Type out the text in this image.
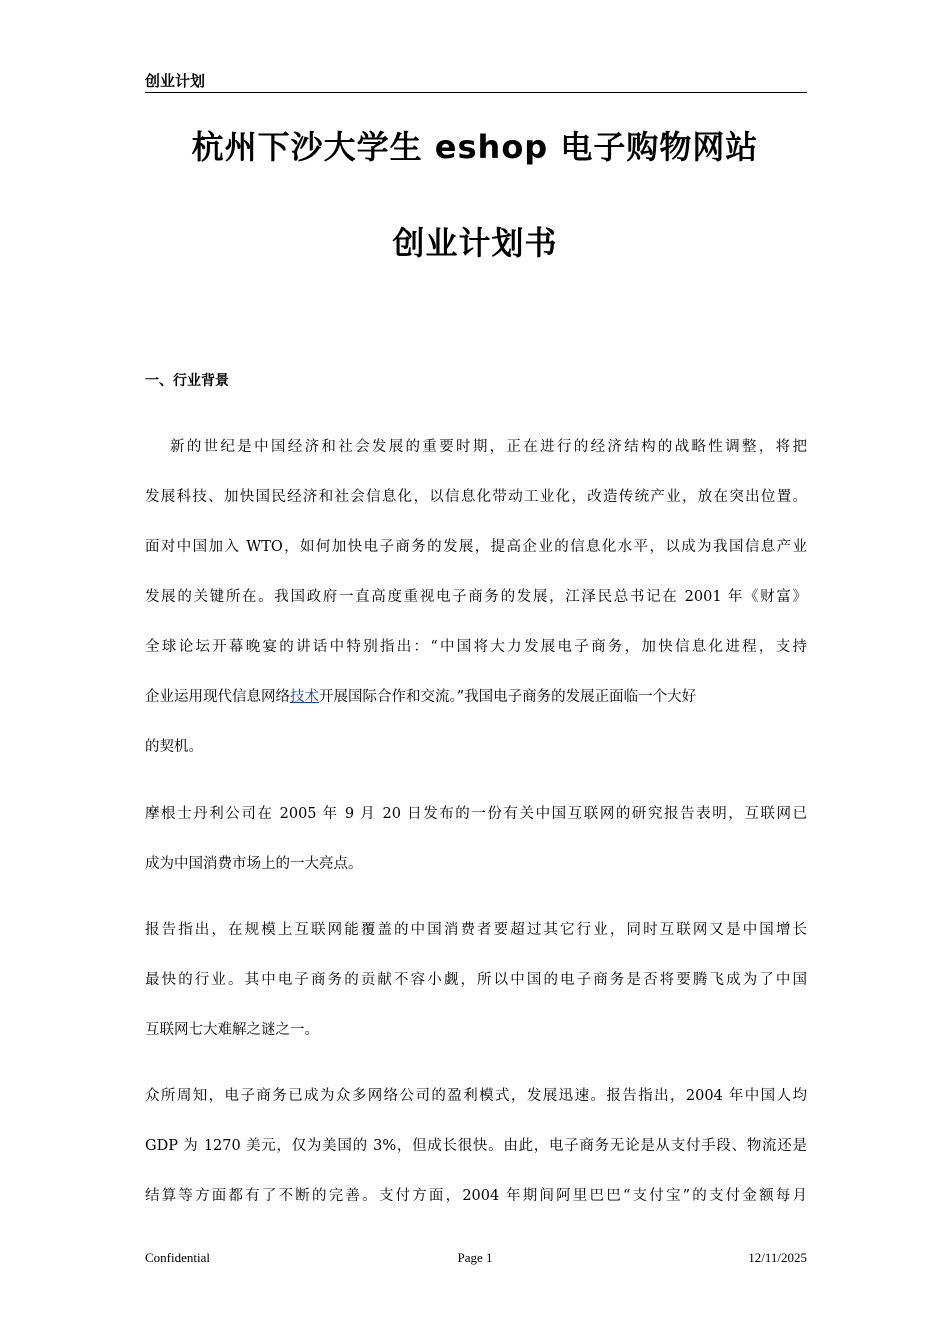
创业计划
杭州下沙大学生 eshop 电子购物网站
创业计划书
一、行业背景
新的世纪是中国经济和社会发展的重要时期，正在进行的经济结构的战略性调整，将把
发展科技、加快国民经济和社会信息化，以信息化带动工业化，改造传统产业，放在突出位置。
面对中国加入 WTO，如何加快电子商务的发展，提高企业的信息化水平，以成为我国信息产业
发展的关键所在。我国政府一直高度重视电子商务的发展，江泽民总书记在 2001 年《财富》
全球论坛开幕晚宴的讲话中特别指出：“中国将大力发展电子商务，加快信息化进程，支持
企业运用现代信息网络技术开展国际合作和交流。”我国电子商务的发展正面临一个大好
的契机。
摩根士丹利公司在 2005 年 9 月 20 日发布的一份有关中国互联网的研究报告表明，互联网已
成为中国消费市场上的一大亮点。
报告指出，在规模上互联网能覆盖的中国消费者要超过其它行业，同时互联网又是中国增长
最快的行业。其中电子商务的贡献不容小觑，所以中国的电子商务是否将要腾飞成为了中国
互联网七大难解之谜之一。
众所周知，电子商务已成为众多网络公司的盈利模式，发展迅速。报告指出，2004 年中国人均
GDP 为 1270 美元，仅为美国的 3%，但成长很快。由此，电子商务无论是从支付手段、物流还是
结算等方面都有了不断的完善。支付方面，2004 年期间阿里巴巴“支付宝”的支付金额每月
Confidential	Page 1	12/11/2025
